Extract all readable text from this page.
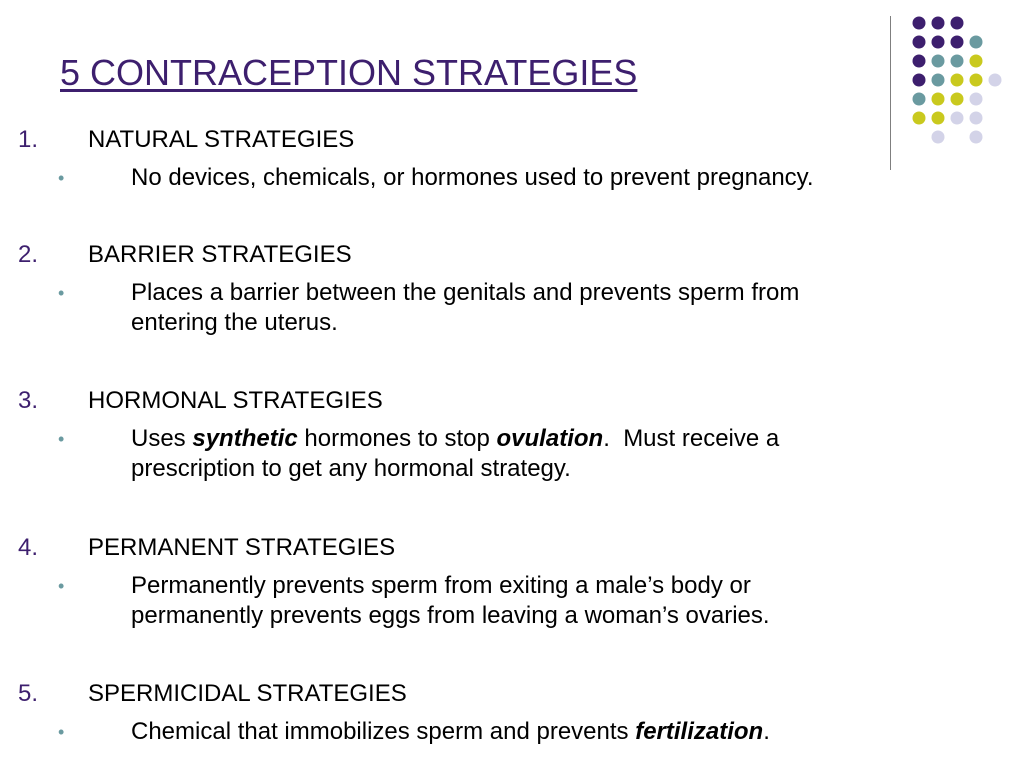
5 CONTRACEPTION STRATEGIES
1. NATURAL STRATEGIES
•	No devices, chemicals, or hormones used to prevent pregnancy.
2. BARRIER STRATEGIES
•	Places a barrier between the genitals and prevents sperm from
entering the uterus.
3. HORMONAL STRATEGIES
•	Uses synthetic hormones to stop ovulation.  Must receive a
prescription to get any hormonal strategy.
4. PERMANENT STRATEGIES
•	Permanently prevents sperm from exiting a male’s body or
permanently prevents eggs from leaving a woman’s ovaries.
5. SPERMICIDAL STRATEGIES
•	Chemical that immobilizes sperm and prevents fertilization.
